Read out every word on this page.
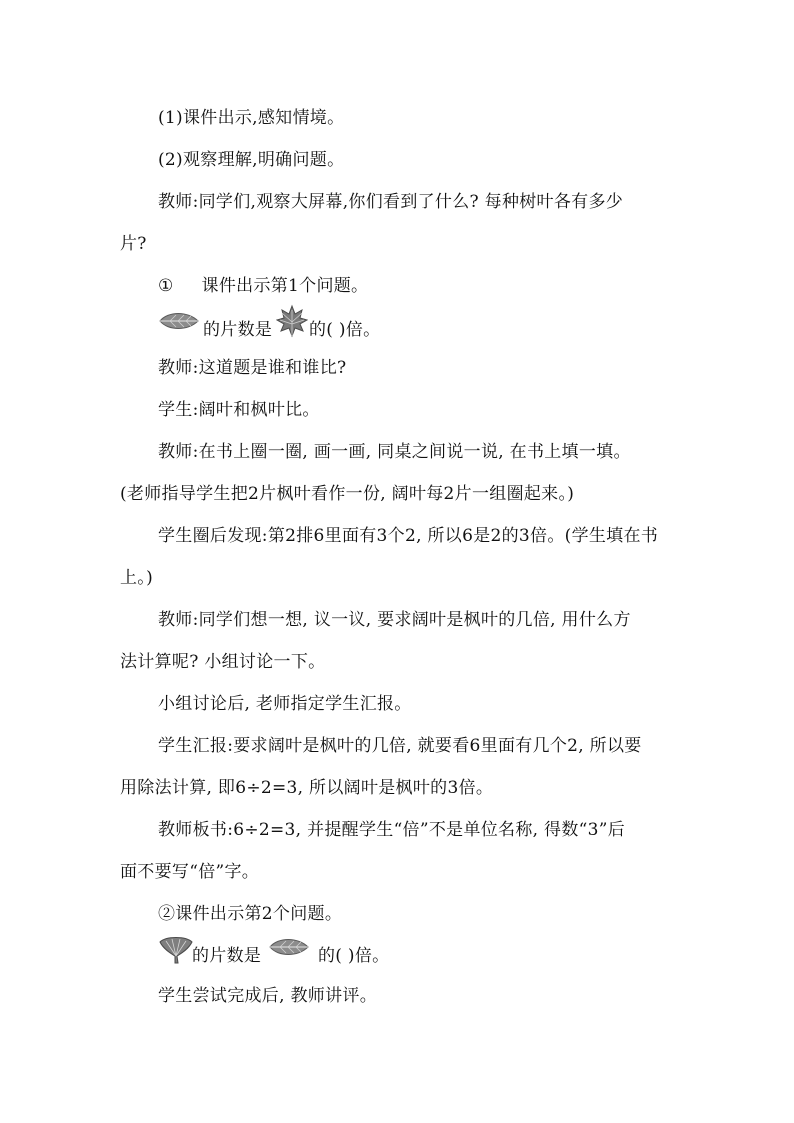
(1)课件出示,感知情境。
(2)观察理解,明确问题。
教师:同学们,观察大屏幕,你们看到了什么? 每种树叶各有多少
片?
① 课件出示第1个问题。
的片数是 的( )倍。
教师:这道题是谁和谁比?
学生:阔叶和枫叶比。
教师:在书上圈一圈, 画一画, 同桌之间说一说, 在书上填一填。
(老师指导学生把2片枫叶看作一份, 阔叶每2片一组圈起来。)
学生圈后发现:第2排6里面有3个2, 所以6是2的3倍。(学生填在书
上。)
教师:同学们想一想, 议一议, 要求阔叶是枫叶的几倍, 用什么方
法计算呢? 小组讨论一下。
小组讨论后, 老师指定学生汇报。
学生汇报:要求阔叶是枫叶的几倍, 就要看6里面有几个2, 所以要
用除法计算, 即6÷2=3, 所以阔叶是枫叶的3倍。
教师板书:6÷2=3, 并提醒学生“倍”不是单位名称, 得数“3”后
面不要写“倍”字。
②课件出示第2个问题。
的片数是	的( )倍。
学生尝试完成后, 教师讲评。
